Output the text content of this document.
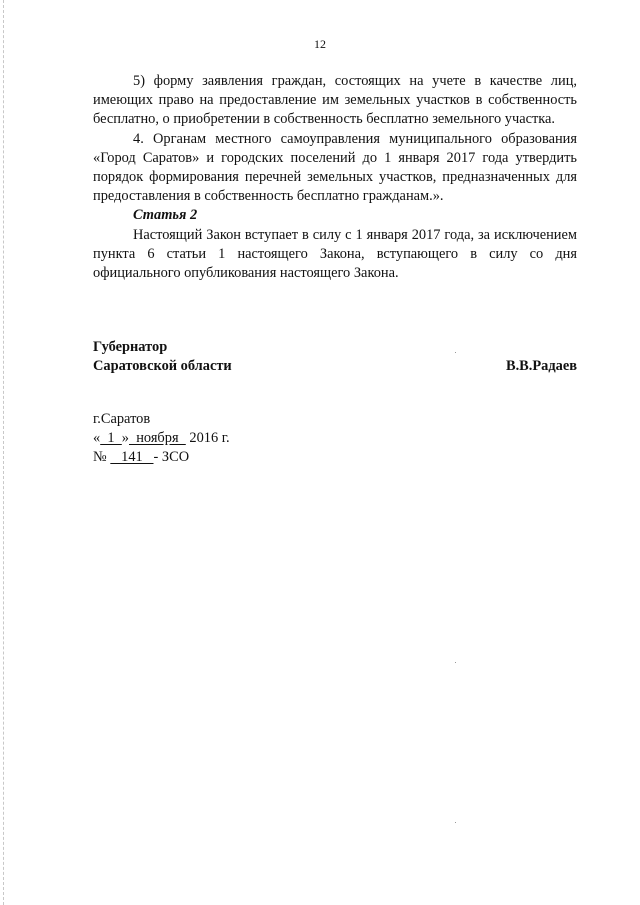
12

5) форму заявления граждан, состоящих на учете в качестве лиц, имеющих право на предоставление им земельных участков в собственность бесплатно, о приобретении в собственность бесплатно земельного участка.

4. Органам местного самоуправления муниципального образования «Город Саратов» и городских поселений до 1 января 2017 года утвердить порядок формирования перечней земельных участков, предназначенных для предоставления в собственность бесплатно гражданам.».

Статья 2

Настоящий Закон вступает в силу с 1 января 2017 года, за исключением пункта 6 статьи 1 настоящего Закона, вступающего в силу со дня официального опубликования настоящего Закона.

Губернатор
Саратовской области	В.В.Радаев
г.Саратов
«  1  »  ноября   2016 г.
№    141   - ЗСО
